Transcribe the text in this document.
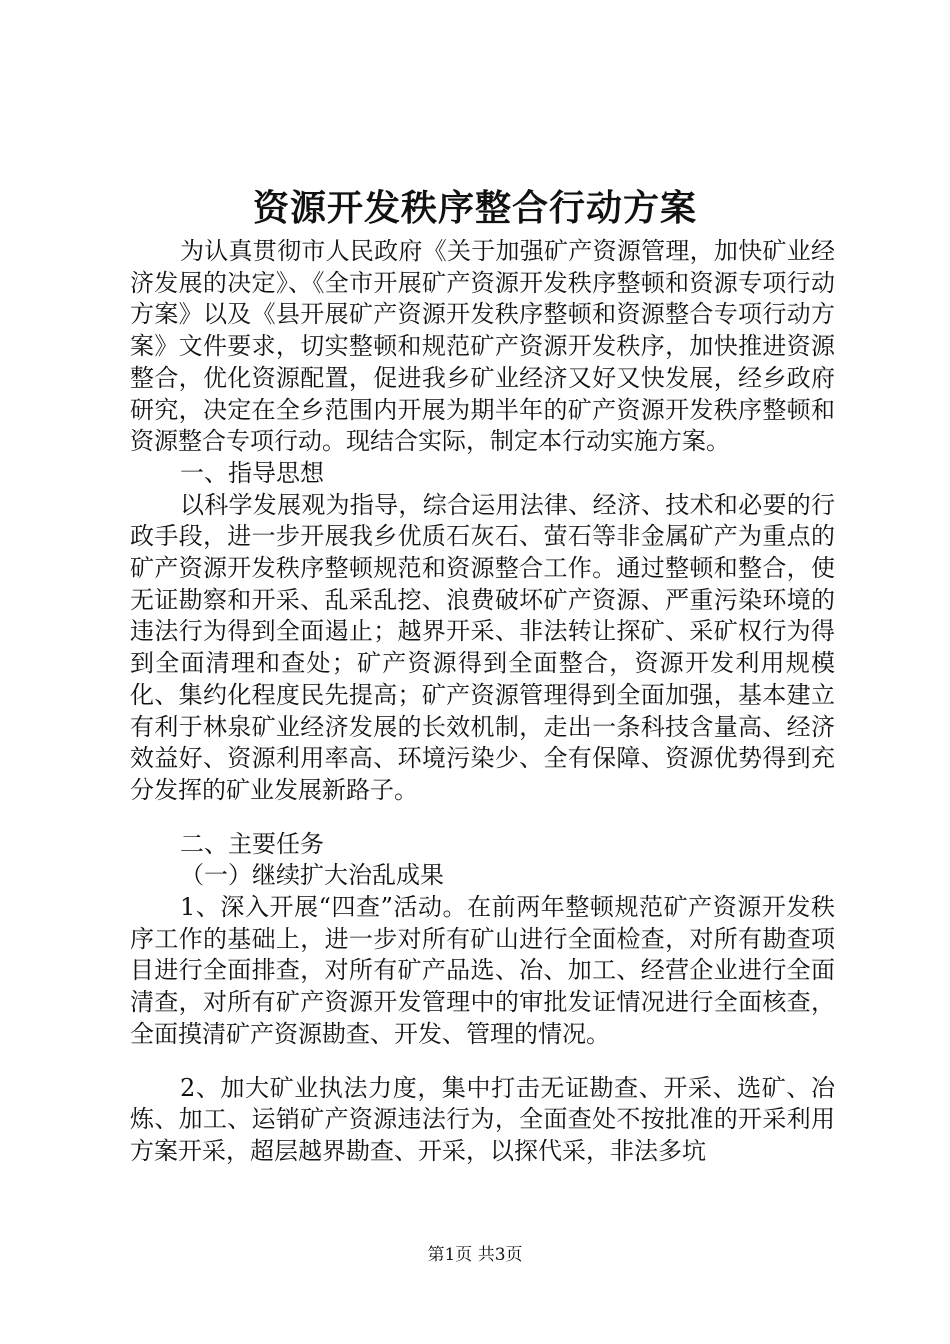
资源开发秩序整合行动方案

为认真贯彻市人民政府《关于加强矿产资源管理，加快矿业经济发展的决定》、《全市开展矿产资源开发秩序整顿和资源专项行动方案》以及《县开展矿产资源开发秩序整顿和资源整合专项行动方案》文件要求，切实整顿和规范矿产资源开发秩序，加快推进资源整合，优化资源配置，促进我乡矿业经济又好又快发展，经乡政府研究，决定在全乡范围内开展为期半年的矿产资源开发秩序整顿和资源整合专项行动。现结合实际，制定本行动实施方案。

一、指导思想

以科学发展观为指导，综合运用法律、经济、技术和必要的行政手段，进一步开展我乡优质石灰石、萤石等非金属矿产为重点的矿产资源开发秩序整顿规范和资源整合工作。通过整顿和整合，使无证勘察和开采、乱采乱挖、浪费破坏矿产资源、严重污染环境的违法行为得到全面遏止；越界开采、非法转让探矿、采矿权行为得到全面清理和查处；矿产资源得到全面整合，资源开发利用规模化、集约化程度民先提高；矿产资源管理得到全面加强，基本建立有利于林泉矿业经济发展的长效机制，走出一条科技含量高、经济效益好、资源利用率高、环境污染少、全有保障、资源优势得到充分发挥的矿业发展新路子。

二、主要任务

（一）继续扩大治乱成果

1、深入开展“四查”活动。在前两年整顿规范矿产资源开发秩序工作的基础上，进一步对所有矿山进行全面检查，对所有勘查项目进行全面排查，对所有矿产品选、冶、加工、经营企业进行全面清查，对所有矿产资源开发管理中的审批发证情况进行全面核查，全面摸清矿产资源勘查、开发、管理的情况。

2、加大矿业执法力度，集中打击无证勘查、开采、选矿、冶炼、加工、运销矿产资源违法行为，全面查处不按批准的开采利用方案开采，超层越界勘查、开采，以探代采，非法多坑

第1页 共3页
